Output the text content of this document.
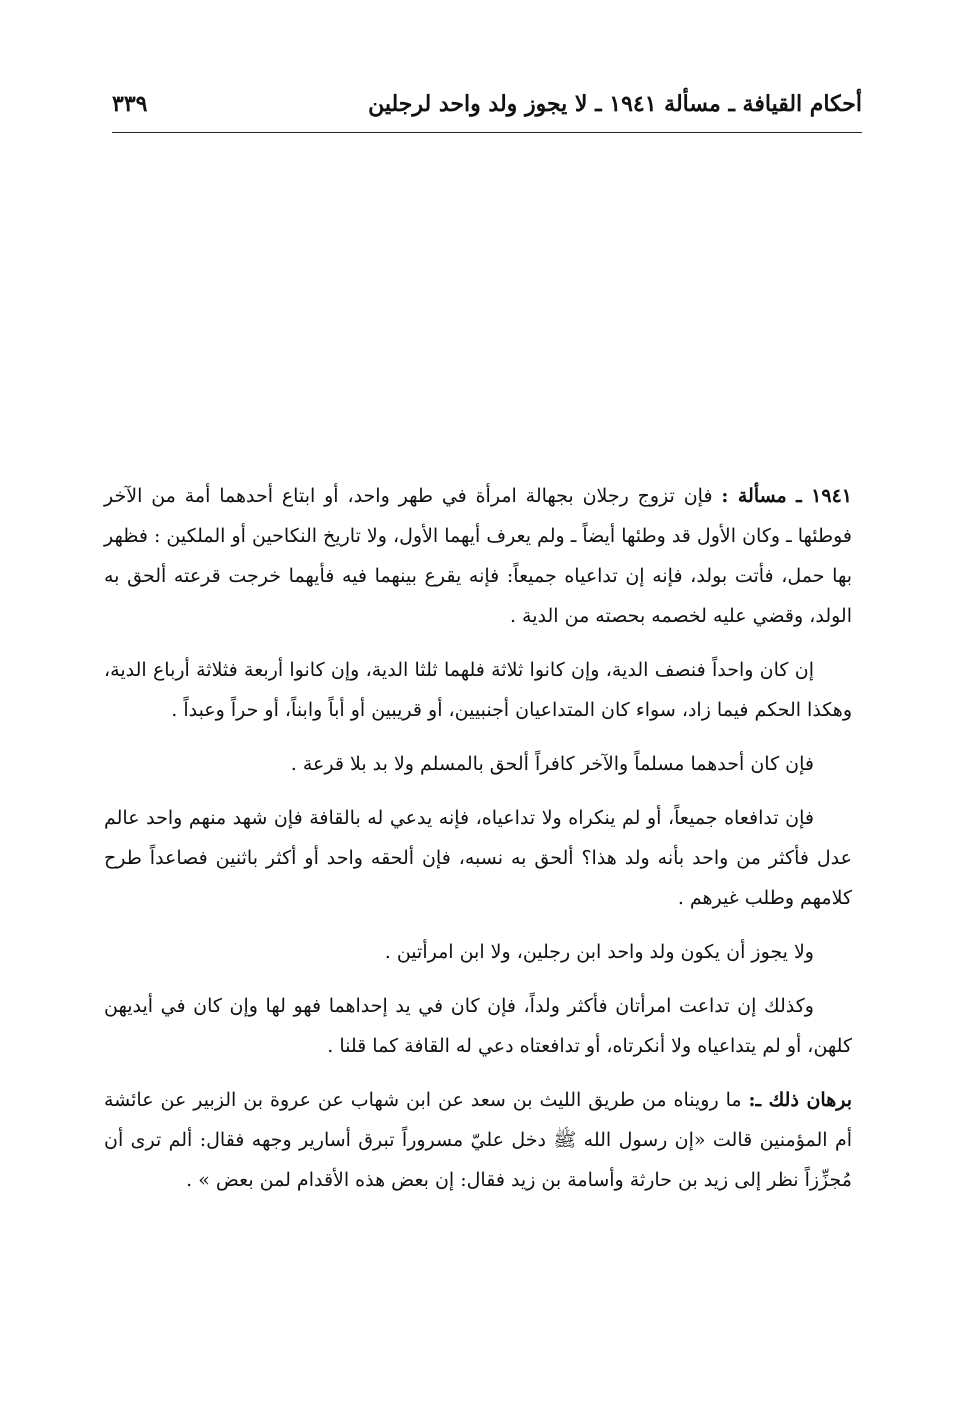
أحكام القيافة ـ مسألة ١٩٤١ ـ لا يجوز ولد واحد لرجلين
٣٣٩

١٩٤١ ـ مسألة : فإن تزوج رجلان بجهالة امرأة في طهر واحد، أو ابتاع أحدهما أمة من الآخر فوطئها ـ وكان الأول قد وطئها أيضاً ـ ولم يعرف أيهما الأول، ولا تاريخ النكاحين أو الملكين : فظهر بها حمل، فأتت بولد، فإنه إن تداعياه جميعاً: فإنه يقرع بينهما فيه فأيهما خرجت قرعته ألحق به الولد، وقضي عليه لخصمه بحصته من الدية .

إن كان واحداً فنصف الدية، وإن كانوا ثلاثة فلهما ثلثا الدية، وإن كانوا أربعة فثلاثة أرباع الدية، وهكذا الحكم فيما زاد، سواء كان المتداعيان أجنبيين، أو قريبين أو أباً وابناً، أو حراً وعبداً .

فإن كان أحدهما مسلماً والآخر كافراً ألحق بالمسلم ولا بد بلا قرعة .

فإن تدافعاه جميعاً، أو لم ينكراه ولا تداعياه، فإنه يدعي له بالقافة فإن شهد منهم واحد عالم عدل فأكثر من واحد بأنه ولد هذا؟ ألحق به نسبه، فإن ألحقه واحد أو أكثر باثنين فصاعداً طرح كلامهم وطلب غيرهم .

ولا يجوز أن يكون ولد واحد ابن رجلين، ولا ابن امرأتين .

وكذلك إن تداعت امرأتان فأكثر ولداً، فإن كان في يد إحداهما فهو لها وإن كان في أيديهن كلهن، أو لم يتداعياه ولا أنكرتاه، أو تدافعتاه دعي له القافة كما قلنا .

برهان ذلك ـ: ما رويناه من طريق الليث بن سعد عن ابن شهاب عن عروة بن الزبير عن عائشة أم المؤمنين قالت «إن رسول الله ﷺ دخل عليّ مسروراً تبرق أسارير وجهه فقال: ألم ترى أن مُجزِّزاً نظر إلى زيد بن حارثة وأسامة بن زيد فقال: إن بعض هذه الأقدام لمن بعض » .
